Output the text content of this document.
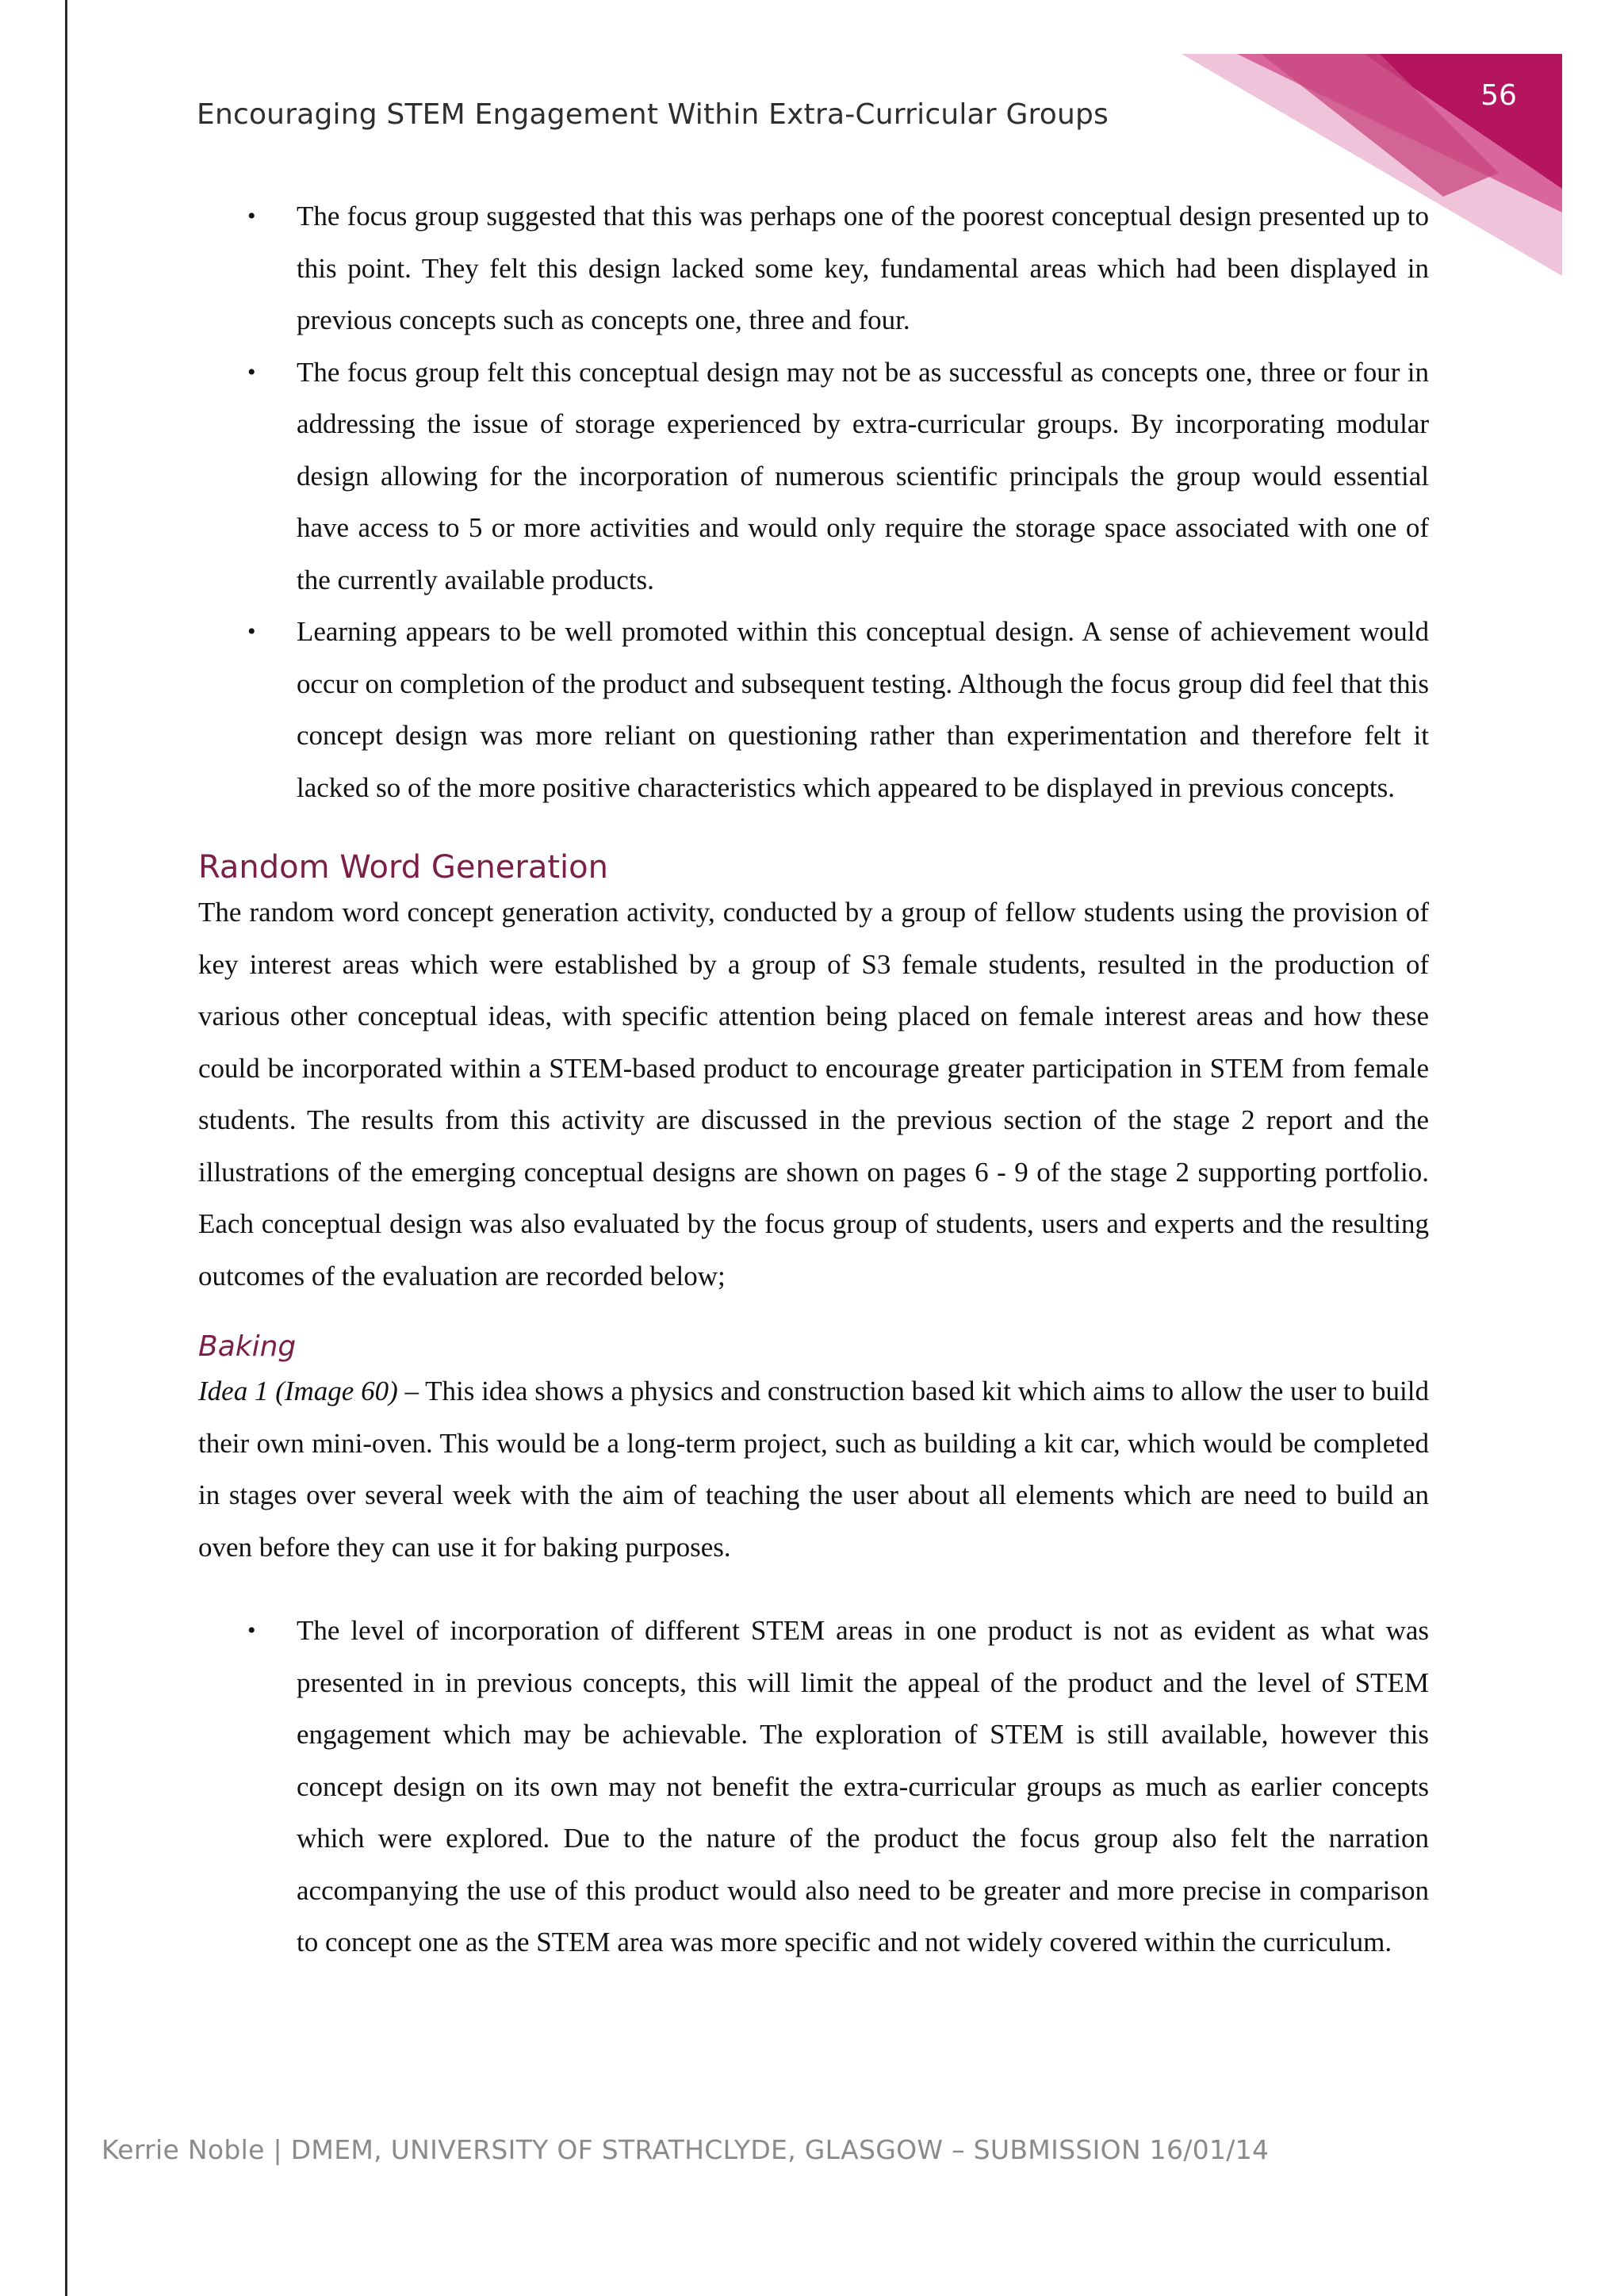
Encouraging STEM Engagement Within Extra-Curricular Groups
56
• The focus group suggested that this was perhaps one of the poorest conceptual design presented up to this point. They felt this design lacked some key, fundamental areas which had been displayed in previous concepts such as concepts one, three and four.
• The focus group felt this conceptual design may not be as successful as concepts one, three or four in addressing the issue of storage experienced by extra-curricular groups. By incorporating modular design allowing for the incorporation of numerous scientific principals the group would essential have access to 5 or more activities and would only require the storage space associated with one of the currently available products.
• Learning appears to be well promoted within this conceptual design. A sense of achievement would occur on completion of the product and subsequent testing. Although the focus group did feel that this concept design was more reliant on questioning rather than experimentation and therefore felt it lacked so of the more positive characteristics which appeared to be displayed in previous concepts.
Random Word Generation

The random word concept generation activity, conducted by a group of fellow students using the provision of key interest areas which were established by a group of S3 female students, resulted in the production of various other conceptual ideas, with specific attention being placed on female interest areas and how these could be incorporated within a STEM-based product to encourage greater participation in STEM from female students. The results from this activity are discussed in the previous section of the stage 2 report and the illustrations of the emerging conceptual designs are shown on pages 6 - 9 of the stage 2 supporting portfolio. Each conceptual design was also evaluated by the focus group of students, users and experts and the resulting outcomes of the evaluation are recorded below;

Baking

Idea 1 (Image 60) – This idea shows a physics and construction based kit which aims to allow the user to build their own mini-oven. This would be a long-term project, such as building a kit car, which would be completed in stages over several week with the aim of teaching the user about all elements which are need to build an oven before they can use it for baking purposes.

• The level of incorporation of different STEM areas in one product is not as evident as what was presented in in previous concepts, this will limit the appeal of the product and the level of STEM engagement which may be achievable. The exploration of STEM is still available, however this concept design on its own may not benefit the extra-curricular groups as much as earlier concepts which were explored. Due to the nature of the product the focus group also felt the narration accompanying the use of this product would also need to be greater and more precise in comparison to concept one as the STEM area was more specific and not widely covered within the curriculum.
Kerrie Noble | DMEM, UNIVERSITY OF STRATHCLYDE, GLASGOW – SUBMISSION 16/01/14
